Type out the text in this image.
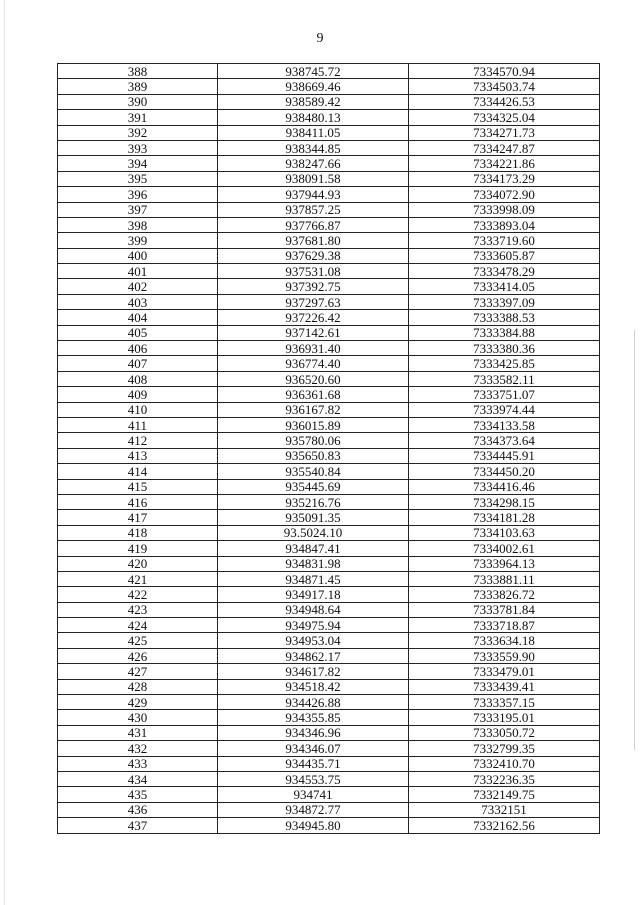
9
388	938745.72	7334570.94
389	938669.46	7334503.74
390	938589.42	7334426.53
391	938480.13	7334325.04
392	938411.05	7334271.73
393	938344.85	7334247.87
394	938247.66	7334221.86
395	938091.58	7334173.29
396	937944.93	7334072.90
397	937857.25	7333998.09
398	937766.87	7333893.04
399	937681.80	7333719.60
400	937629.38	7333605.87
401	937531.08	7333478.29
402	937392.75	7333414.05
403	937297.63	7333397.09
404	937226.42	7333388.53
405	937142.61	7333384.88
406	936931.40	7333380.36
407	936774.40	7333425.85
408	936520.60	7333582.11
409	936361.68	7333751.07
410	936167.82	7333974.44
411	936015.89	7334133.58
412	935780.06	7334373.64
413	935650.83	7334445.91
414	935540.84	7334450.20
415	935445.69	7334416.46
416	935216.76	7334298.15
417	935091.35	7334181.28
418	93.5024.10	7334103.63
419	934847.41	7334002.61
420	934831.98	7333964.13
421	934871.45	7333881.11
422	934917.18	7333826.72
423	934948.64	7333781.84
424	934975.94	7333718.87
425	934953.04	7333634.18
426	934862.17	7333559.90
427	934617.82	7333479.01
428	934518.42	7333439.41
429	934426.88	7333357.15
430	934355.85	7333195.01
431	934346.96	7333050.72
432	934346.07	7332799.35
433	934435.71	7332410.70
434	934553.75	7332236.35
435	934741	7332149.75
436	934872.77	7332151
437	934945.80	7332162.56
